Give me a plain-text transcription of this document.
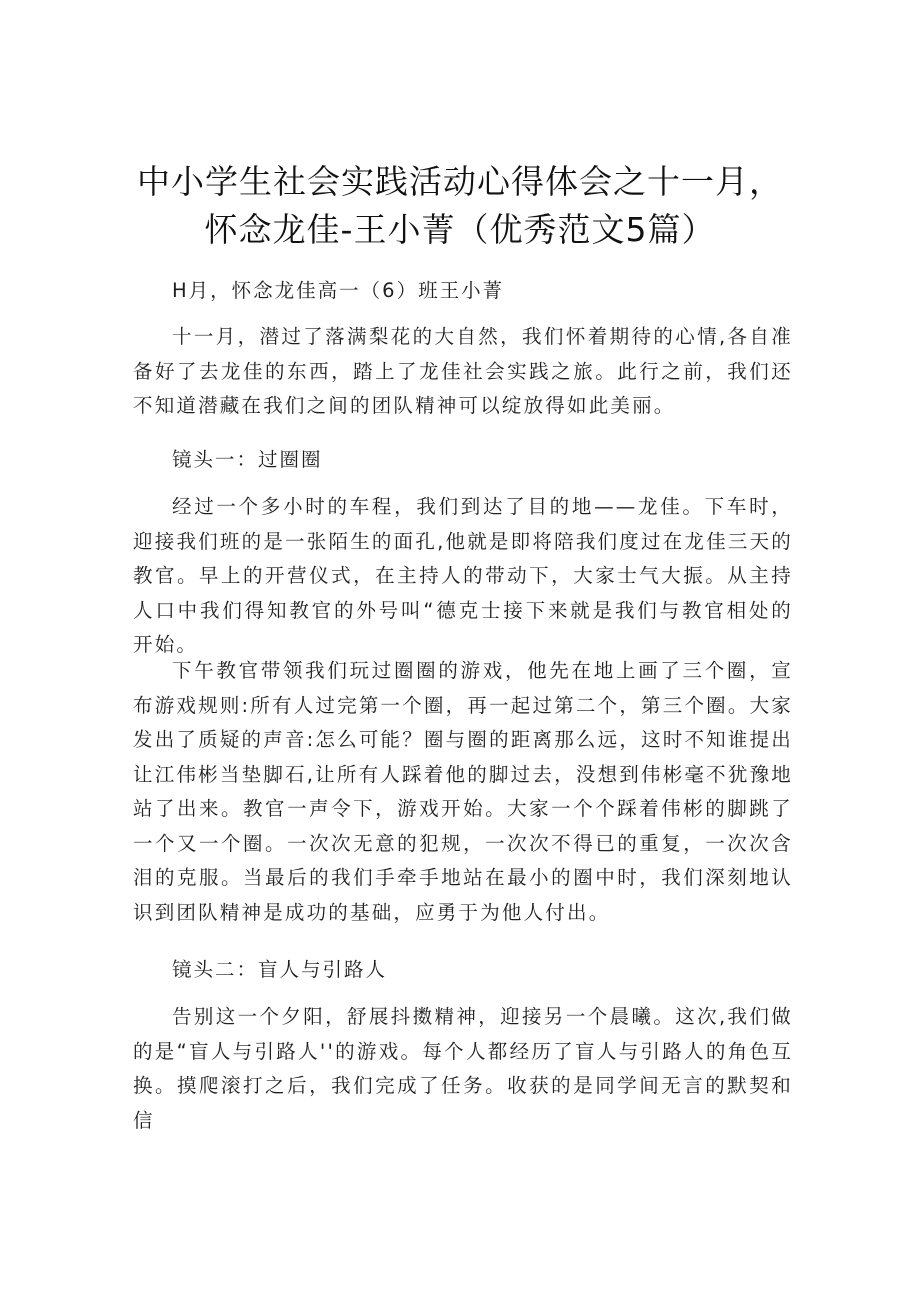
中小学生社会实践活动心得体会之十一月，
怀念龙佳-王小菁（优秀范文5篇）

H月，怀念龙佳高一（6）班王小菁

十一月，潜过了落满梨花的大自然，我们怀着期待的心情,各自准备好了去龙佳的东西，踏上了龙佳社会实践之旅。此行之前，我们还不知道潜藏在我们之间的团队精神可以绽放得如此美丽。

镜头一：过圈圈

经过一个多小时的车程，我们到达了目的地——龙佳。下车时，迎接我们班的是一张陌生的面孔,他就是即将陪我们度过在龙佳三天的教官。早上的开营仪式，在主持人的带动下，大家士气大振。从主持人口中我们得知教官的外号叫“德克士接下来就是我们与教官相处的开始。

下午教官带领我们玩过圈圈的游戏，他先在地上画了三个圈，宣布游戏规则:所有人过完第一个圈，再一起过第二个，第三个圈。大家发出了质疑的声音:怎么可能？圈与圈的距离那么远，这时不知谁提出让江伟彬当垫脚石,让所有人踩着他的脚过去，没想到伟彬毫不犹豫地站了出来。教官一声令下，游戏开始。大家一个个踩着伟彬的脚跳了一个又一个圈。一次次无意的犯规，一次次不得已的重复，一次次含泪的克服。当最后的我们手牵手地站在最小的圈中时，我们深刻地认识到团队精神是成功的基础，应勇于为他人付出。

镜头二：盲人与引路人

告别这一个夕阳，舒展抖擞精神，迎接另一个晨曦。这次,我们做的是“盲人与引路人''的游戏。每个人都经历了盲人与引路人的角色互换。摸爬滚打之后，我们完成了任务。收获的是同学间无言的默契和信
